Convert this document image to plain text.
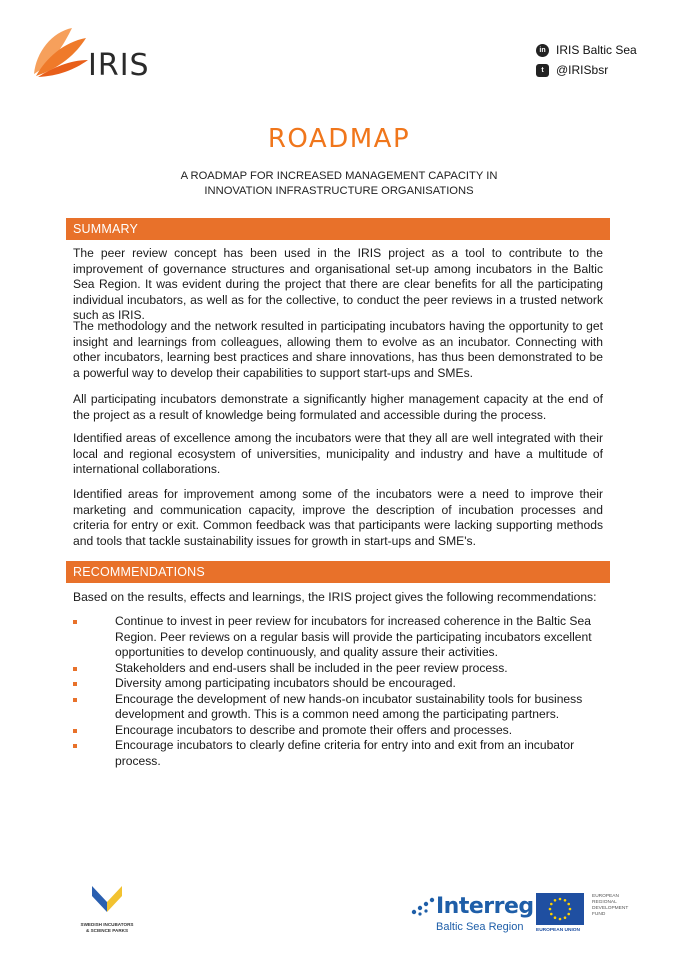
IRIS	in IRIS Baltic Sea
t	@IRISbsr
ROADMAP
A ROADMAP FOR INCREASED MANAGEMENT CAPACITY IN
INNOVATION INFRASTRUCTURE ORGANISATIONS
SUMMARY

The peer review concept has been used in the IRIS project as a tool to contribute to the improvement of governance structures and organisational set-up among incubators in the Baltic Sea Region. It was evident during the project that there are clear benefits for all the participating individual incubators, as well as for the collective, to conduct the peer reviews in a trusted network such as IRIS.

The methodology and the network resulted in participating incubators having the opportunity to get insight and learnings from colleagues, allowing them to evolve as an incubator. Connecting with other incubators, learning best practices and share innovations, has thus been demonstrated to be a powerful way to develop their capabilities to support start-ups and SMEs.

All participating incubators demonstrate a significantly higher management capacity at the end of the project as a result of knowledge being formulated and accessible during the process.

Identified areas of excellence among the incubators were that they all are well integrated with their local and regional ecosystem of universities, municipality and industry and have a multitude of international collaborations.

Identified areas for improvement among some of the incubators were a need to improve their marketing and communication capacity, improve the description of incubation processes and criteria for entry or exit. Common feedback was that participants were lacking supporting methods and tools that tackle sustainability issues for growth in start-ups and SME's.

RECOMMENDATIONS

Based on the results, effects and learnings, the IRIS project gives the following recommendations:

Continue to invest in peer review for incubators for increased coherence in the Baltic Sea Region. Peer reviews on a regular basis will provide the participating incubators excellent opportunities to develop continuously, and quality assure their activities.
Stakeholders and end-users shall be included in the peer review process.
Diversity among participating incubators should be encouraged.
Encourage the development of new hands-on incubator sustainability tools for business development and growth. This is a common need among the participating partners.
Encourage incubators to describe and promote their offers and processes.
Encourage incubators to clearly define criteria for entry into and exit from an incubator process.
SWEDISH INCUBATORS
& SCIENCE PARKS
Interreg
Baltic Sea Region	EUROPEAN UNION
EUROPEAN
REGIONAL
DEVELOPMENT
FUND
